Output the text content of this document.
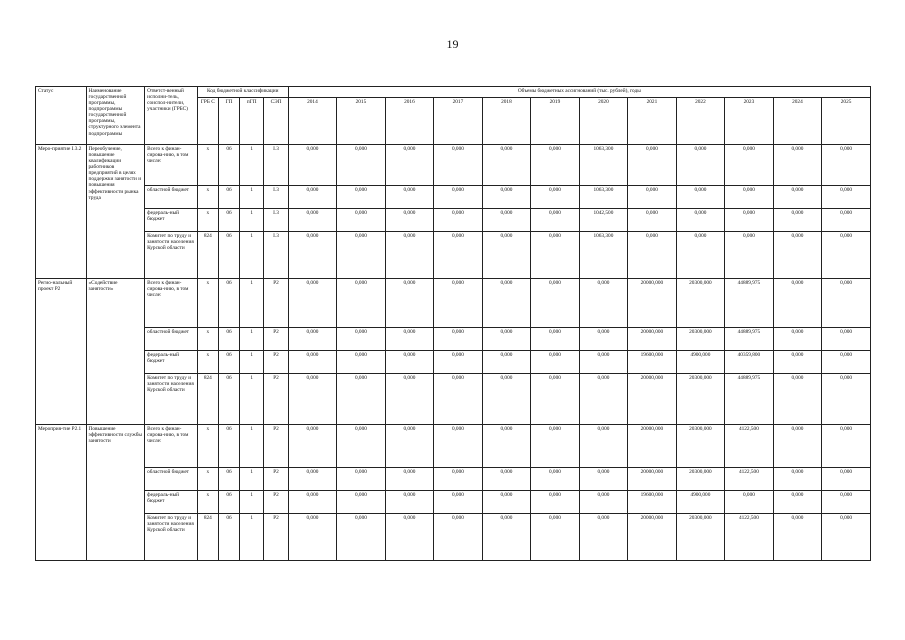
19
Статус	Наименование государственной программы, подпрограммы государственной программы, структурного элемента подпрограммы	Ответст-венный исполни-тель, соиспол-нители, участники (ГРБС)	Код бюджетной классификации				Объемы бюджетных ассигнований (тыс. рублей), годы											
			ГРБ С	ГП	пГП	СЭП	2014	2015	2016	2017	2018	2019	2020	2021	2022	2023	2024	2025
Меро-приятие I.3.2	Переобучение, повышение квалификации работников предприятий в целях поддержки занятости и повышения эффективности рынка труда	Всего к финан-сирова-нию, в том числе:	х	06	1	I.3	0,000	0,000	0,000	0,000	0,000	0,000	1063,300	0,000	0,000	0,000	0,000	0,000
		областной бюджет	х	06	1	I.3	0,000	0,000	0,000	0,000	0,000	0,000	1063,300	0,000	0,000	0,000	0,000	0,000
		федераль-ный бюджет	х	06	1	I.3	0,000	0,000	0,000	0,000	0,000	0,000	1042,500	0,000	0,000	0,000	0,000	0,000
		Комитет по труду и занятости населения Курской области	824	06	1	I.3	0,000	0,000	0,000	0,000	0,000	0,000	1063,300	0,000	0,000	0,000	0,000	0,000
Регио-нальный проект Р2	«Содействие занятости»	Всего к финан-сирова-нию, в том числе:	х	06	1	Р2	0,000	0,000	0,000	0,000	0,000	0,000	0,000	20000,000	20300,000	44889,975	0,000	0,000
		областной бюджет	х	06	1	Р2	0,000	0,000	0,000	0,000	0,000	0,000	0,000	20000,000	20300,000	44889,975	0,000	0,000
		федераль-ный бюджет	х	06	1	Р2	0,000	0,000	0,000	0,000	0,000	0,000	0,000	19600,000	4900,000	40359,800	0,000	0,000
		Комитет по труду и занятости населения Курской области	824	06	1	Р2	0,000	0,000	0,000	0,000	0,000	0,000	0,000	20000,000	20300,000	44889,975	0,000	0,000
Мероприя-тие Р2.1	Повышение эффективности службы занятости	Всего к финан-сирова-нию, в том числе:	х	06	1	Р2	0,000	0,000	0,000	0,000	0,000	0,000	0,000	20000,000	20300,000	4122,500	0,000	0,000
		областной бюджет	х	06	1	Р2	0,000	0,000	0,000	0,000	0,000	0,000	0,000	20000,000	20300,000	4122,500	0,000	0,000
		федераль-ный бюджет	х	06	1	Р2	0,000	0,000	0,000	0,000	0,000	0,000	0,000	19600,000	4900,000	0,000	0,000	0,000
		Комитет по труду и занятости населения Курской области	824	06	1	Р2	0,000	0,000	0,000	0,000	0,000	0,000	0,000	20000,000	20300,000	4122,500	0,000	0,000
